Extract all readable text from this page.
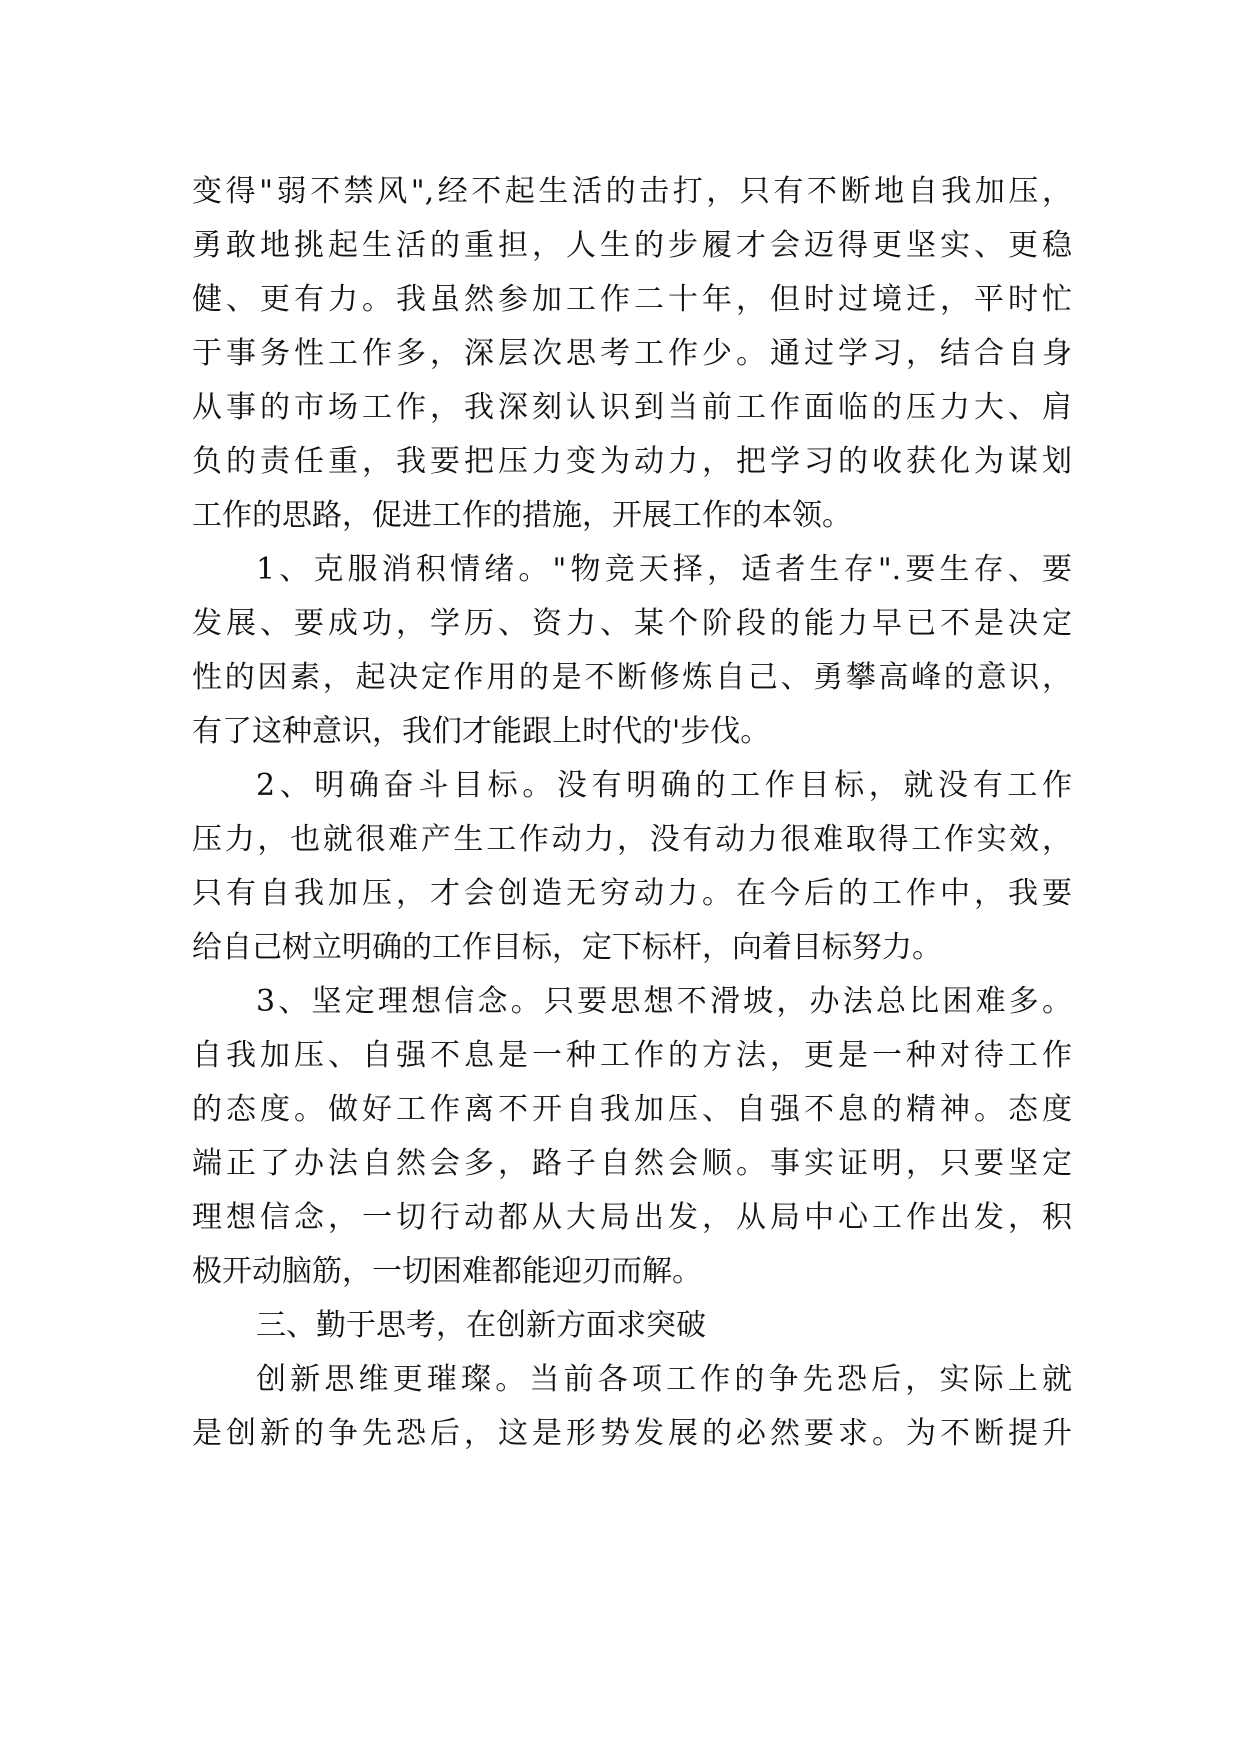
变得"弱不禁风",经不起生活的击打，只有不断地自我加压，
勇敢地挑起生活的重担，人生的步履才会迈得更坚实、更稳
健、更有力。我虽然参加工作二十年，但时过境迁，平时忙
于事务性工作多，深层次思考工作少。通过学习，结合自身
从事的市场工作，我深刻认识到当前工作面临的压力大、肩
负的责任重，我要把压力变为动力，把学习的收获化为谋划
工作的思路，促进工作的措施，开展工作的本领。
1、克服消积情绪。"物竞天择，适者生存".要生存、要
发展、要成功，学历、资力、某个阶段的能力早已不是决定
性的因素，起决定作用的是不断修炼自己、勇攀高峰的意识，
有了这种意识，我们才能跟上时代的'步伐。
2、明确奋斗目标。没有明确的工作目标，就没有工作
压力，也就很难产生工作动力，没有动力很难取得工作实效，
只有自我加压，才会创造无穷动力。在今后的工作中，我要
给自己树立明确的工作目标，定下标杆，向着目标努力。
3、坚定理想信念。只要思想不滑坡，办法总比困难多。
自我加压、自强不息是一种工作的方法，更是一种对待工作
的态度。做好工作离不开自我加压、自强不息的精神。态度
端正了办法自然会多，路子自然会顺。事实证明，只要坚定
理想信念，一切行动都从大局出发，从局中心工作出发，积
极开动脑筋，一切困难都能迎刃而解。
三、勤于思考，在创新方面求突破
创新思维更璀璨。当前各项工作的争先恐后，实际上就
是创新的争先恐后，这是形势发展的必然要求。为不断提升
